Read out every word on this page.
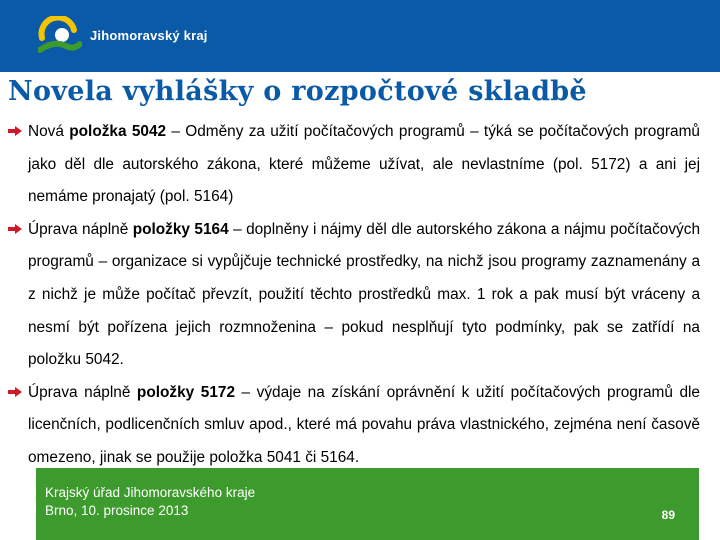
Jihomoravský kraj
Novela vyhlášky o rozpočtové skladbě
Nová položka 5042 – Odměny za užití počítačových programů – týká se počítačových programů jako děl dle autorského zákona, které můžeme užívat, ale nevlastníme (pol. 5172) a ani jej nemáme pronajatý (pol. 5164)
Úprava náplně položky 5164 – doplněny i nájmy děl dle autorského zákona a nájmu počítačových programů – organizace si vypůjčuje technické prostředky, na nichž jsou programy zaznamenány a z nichž je může počítač převzít, použití těchto prostředků max. 1 rok a pak musí být vráceny a nesmí být pořízena jejich rozmnoženina – pokud nesplňují tyto podmínky, pak se zatřídí na položku 5042.
Úprava náplně položky 5172 – výdaje na získání oprávnění k užití počítačových programů dle licenčních, podlicenčních smluv apod., které má povahu práva vlastnického, zejména není časově omezeno, jinak se použije položka 5041 či 5164.
Krajský úřad Jihomoravského kraje
Brno, 10. prosince 2013	89
